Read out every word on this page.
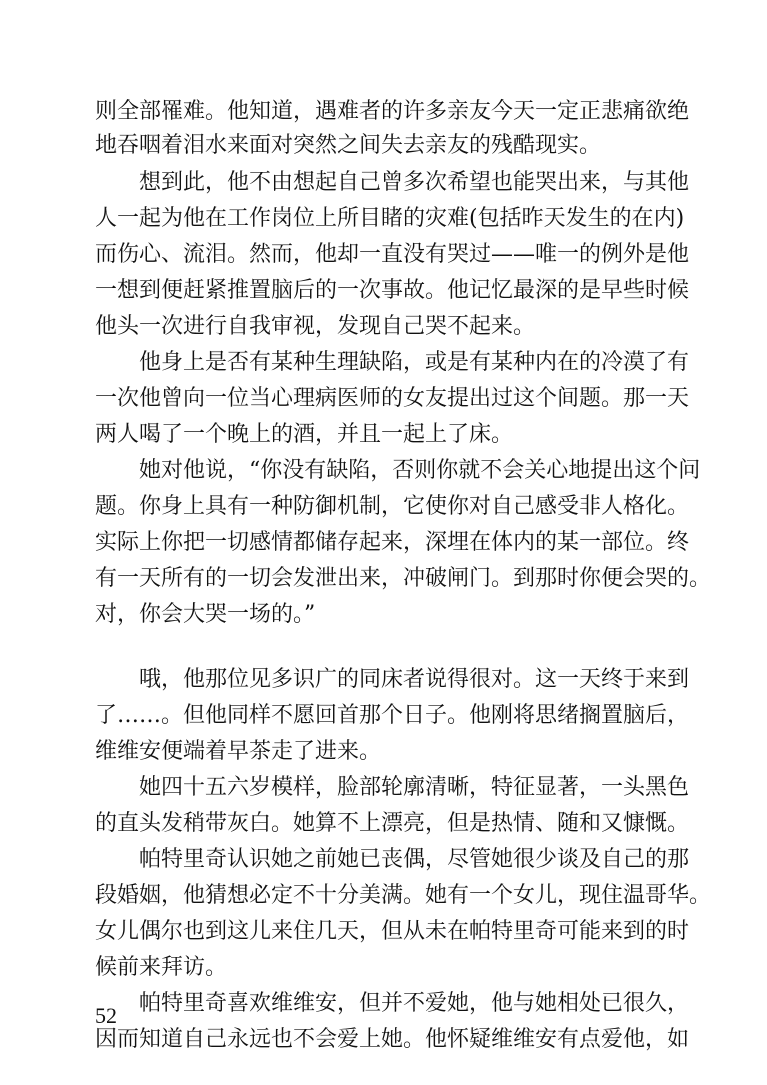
则全部罹难。他知道，遇难者的许多亲友今天一定正悲痛欲绝
地吞咽着泪水来面对突然之间失去亲友的残酷现实。
想到此，他不由想起自己曾多次希望也能哭出来，与其他
人一起为他在工作岗位上所目睹的灾难(包括昨天发生的在内)
而伤心、流泪。然而，他却一直没有哭过——唯一的例外是他
一想到便赶紧推置脑后的一次事故。他记忆最深的是早些时候
他头一次进行自我审视，发现自己哭不起来。
他身上是否有某种生理缺陷，或是有某种内在的冷漠了有
一次他曾向一位当心理病医师的女友提出过这个间题。那一天
两人喝了一个晚上的酒，并且一起上了床。
她对他说，“你没有缺陷，否则你就不会关心地提出这个问
题。你身上具有一种防御机制，它使你对自己感受非人格化。
实际上你把一切感情都储存起来，深埋在体内的某一部位。终
有一天所有的一切会发泄出来，冲破闸门。到那时你便会哭的。
对，你会大哭一场的。”
哦，他那位见多识广的同床者说得很对。这一天终于来到
了……。但他同样不愿回首那个日子。他刚将思绪搁置脑后，
维维安便端着早茶走了进来。
她四十五六岁模样，脸部轮廓清晰，特征显著，一头黑色
的直头发稍带灰白。她算不上漂亮，但是热情、随和又慷慨。
帕特里奇认识她之前她已丧偶，尽管她很少谈及自己的那
段婚姻，他猜想必定不十分美满。她有一个女儿，现住温哥华。
女儿偶尔也到这儿来住几天，但从未在帕特里奇可能来到的时
候前来拜访。
帕特里奇喜欢维维安，但并不爱她，他与她相处已很久，
因而知道自己永远也不会爱上她。他怀疑维维安有点爱他，如
52
